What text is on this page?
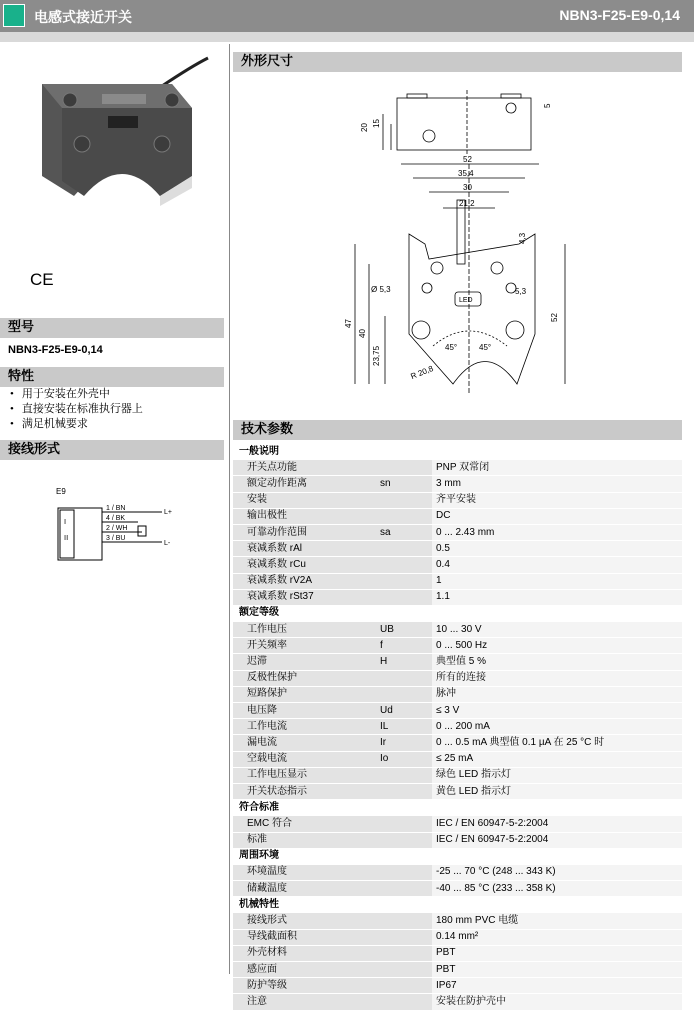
电感式接近开关	NBN3-F25-E9-0,14
CE
型号
NBN3-F25-E9-0,14
特性
• 用于安装在外壳中
• 直接安装在标准执行器上
• 满足机械要求
接线形式
E9
I
II
1 / BN
4 / BK
2 / WH
3 / BU
L+
L-
外形尺寸
20 15
5
52
35,4
30
21,2
4,3
Ø 5,3	5,3
LED
47
40
23,75
52
R 20,8
45°	45°
技术参数
一般说明		
开关点功能		PNP 双常闭
额定动作距离	sn	3 mm
安装		齐平安装
输出极性		DC
可靠动作范围	sa	0 ... 2.43 mm
衰减系数 rAl		0.5
衰减系数 rCu		0.4
衰减系数 rV2A		1
衰减系数 rSt37		1.1
额定等级		
工作电压	UB	10 ... 30 V
开关频率	f	0 ... 500 Hz
迟滞	H	典型值 5 %
反极性保护		所有的连接
短路保护		脉冲
电压降	Ud	≤ 3 V
工作电流	IL	0 ... 200 mA
漏电流	Ir	0 ... 0.5 mA 典型值 0.1 µA 在 25 °C 时
空载电流	Io	≤ 25 mA
工作电压显示		绿色 LED 指示灯
开关状态指示		黄色 LED 指示灯
符合标准		
EMC 符合		IEC / EN 60947-5-2:2004
标准		IEC / EN 60947-5-2:2004
周围环境		
环境温度		-25 ... 70 °C (248 ... 343 K)
储藏温度		-40 ... 85 °C (233 ... 358 K)
机械特性		
接线形式		180 mm PVC 电缆
导线截面积		0.14 mm²
外壳材料		PBT
感应面		PBT
防护等级		IP67
注意		安装在防护壳中
